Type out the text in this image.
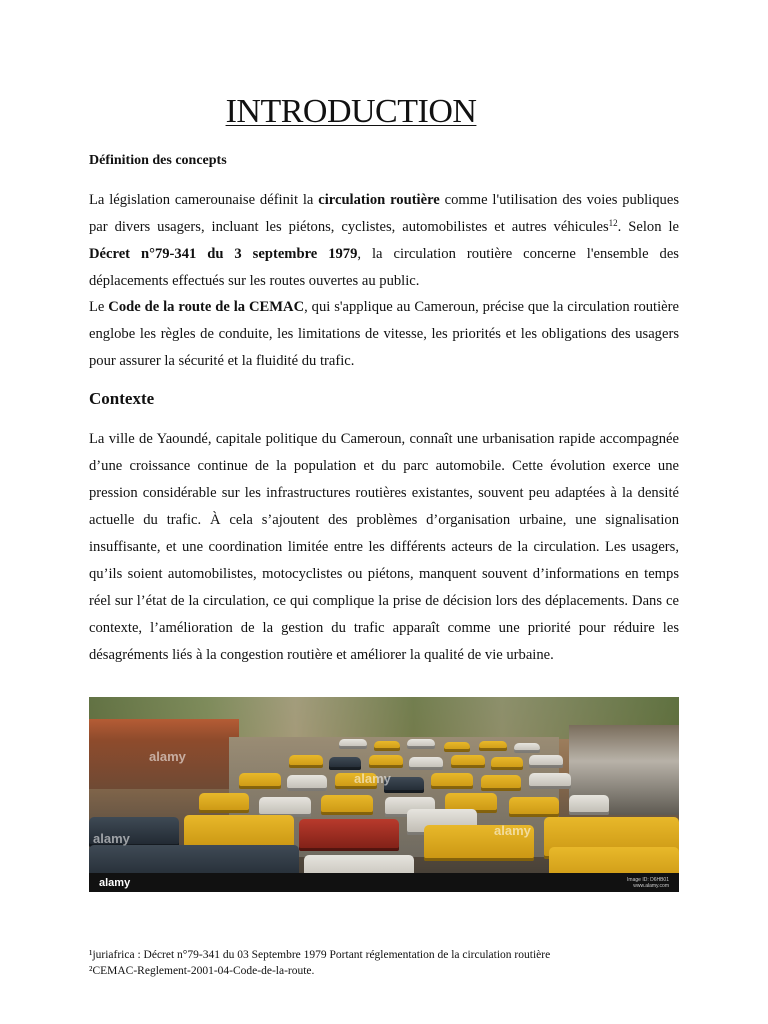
INTRODUCTION
Définition des concepts

La législation camerounaise définit la circulation routière comme l'utilisation des voies publiques par divers usagers, incluant les piétons, cyclistes, automobilistes et autres véhicules$^{12}$. Selon le Décret n°79-341 du 3 septembre 1979, la circulation routière concerne l'ensemble des déplacements effectués sur les routes ouvertes au public.

Le Code de la route de la CEMAC, qui s'applique au Cameroun, précise que la circulation routière englobe les règles de conduite, les limitations de vitesse, les priorités et les obligations des usagers pour assurer la sécurité et la fluidité du trafic.

Contexte

La ville de Yaoundé, capitale politique du Cameroun, connaît une urbanisation rapide accompagnée d’une croissance continue de la population et du parc automobile. Cette évolution exerce une pression considérable sur les infrastructures routières existantes, souvent peu adaptées à la densité actuelle du trafic. À cela s’ajoutent des problèmes d’organisation urbaine, une signalisation insuffisante, et une coordination limitée entre les différents acteurs de la circulation. Les usagers, qu’ils soient automobilistes, motocyclistes ou piétons, manquent souvent d’informations en temps réel sur l’état de la circulation, ce qui complique la prise de décision lors des déplacements. Dans ce contexte, l’amélioration de la gestion du trafic apparaît comme une priorité pour réduire les désagréments liés à la congestion routière et améliorer la qualité de vie urbaine.

alamy
alamy
alamy
alamy
alamy	Image ID: D6HB01
www.alamy.com
¹juriafrica : Décret n°79-341 du 03 Septembre 1979 Portant réglementation de la circulation routière
²CEMAC-Reglement-2001-04-Code-de-la-route.
